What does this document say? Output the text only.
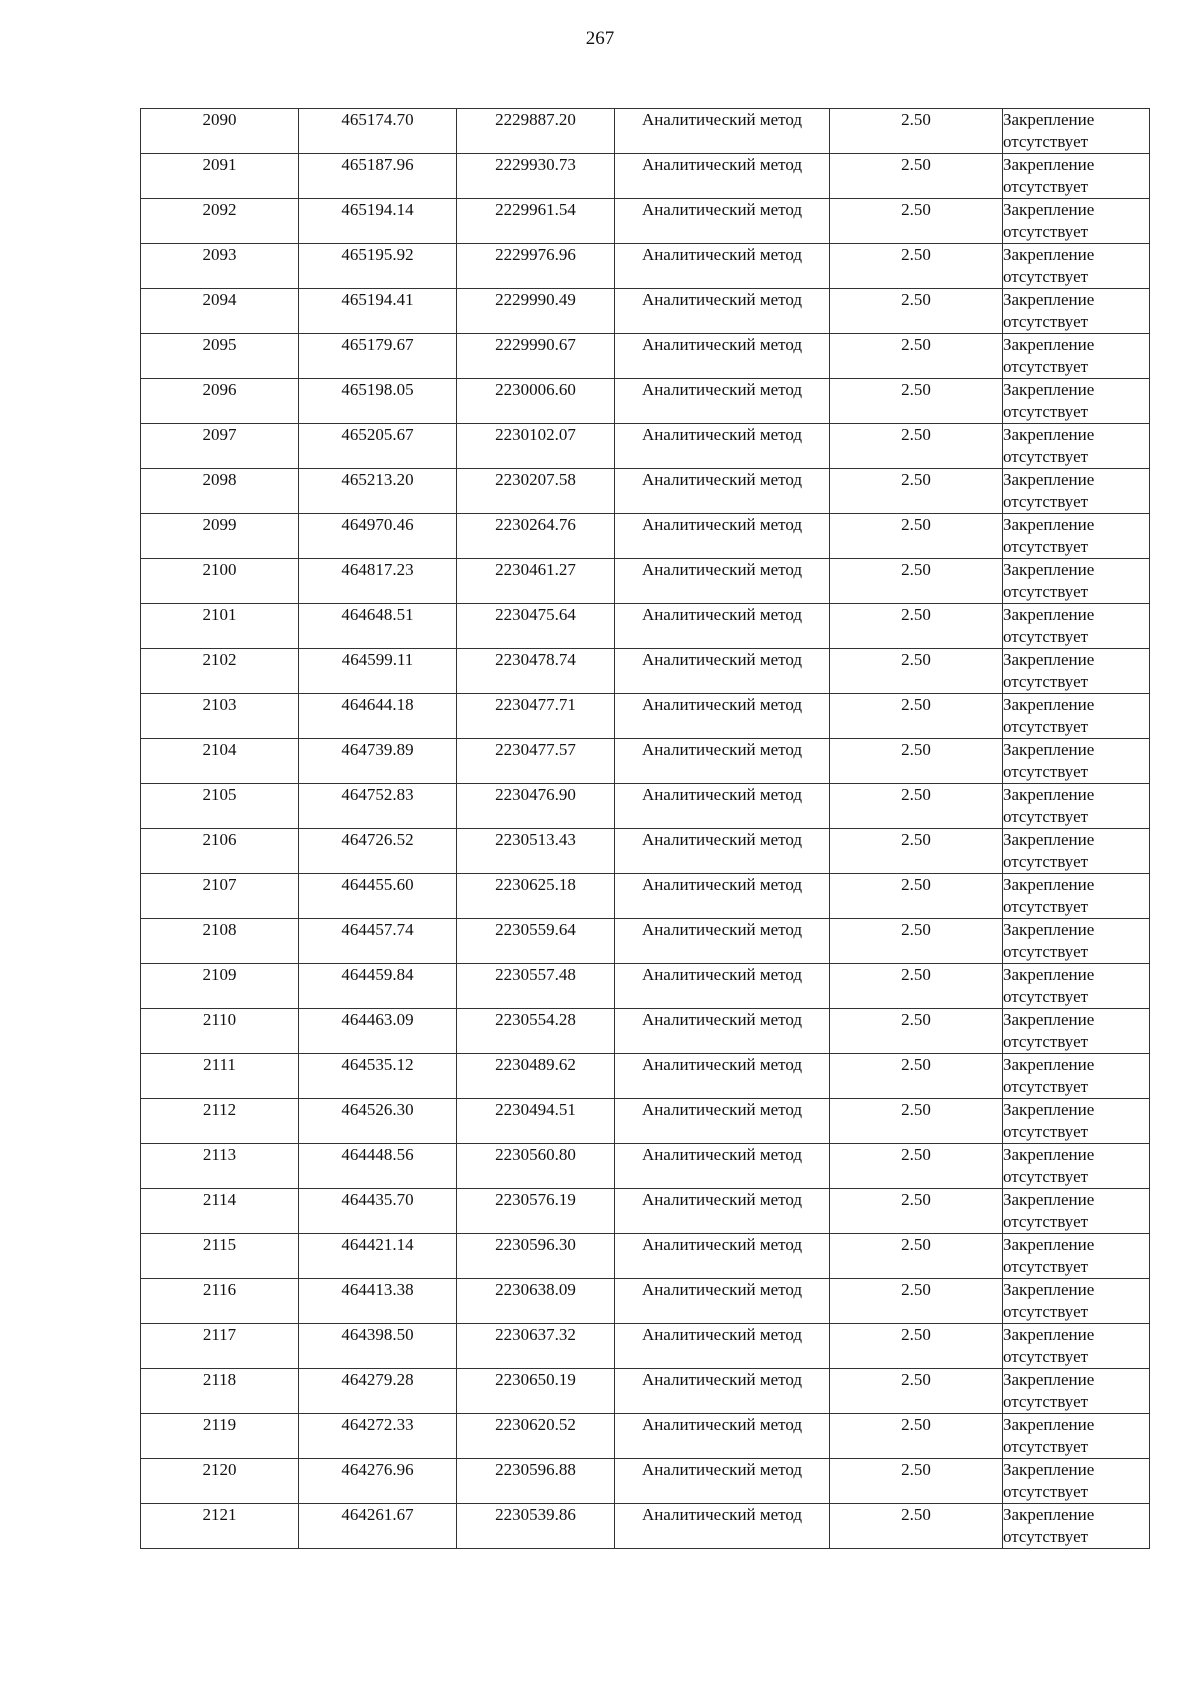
267
2090	465174.70	2229887.20	Аналитический метод	2.50	Закрепление отсутствует
2091	465187.96	2229930.73	Аналитический метод	2.50	Закрепление отсутствует
2092	465194.14	2229961.54	Аналитический метод	2.50	Закрепление отсутствует
2093	465195.92	2229976.96	Аналитический метод	2.50	Закрепление отсутствует
2094	465194.41	2229990.49	Аналитический метод	2.50	Закрепление отсутствует
2095	465179.67	2229990.67	Аналитический метод	2.50	Закрепление отсутствует
2096	465198.05	2230006.60	Аналитический метод	2.50	Закрепление отсутствует
2097	465205.67	2230102.07	Аналитический метод	2.50	Закрепление отсутствует
2098	465213.20	2230207.58	Аналитический метод	2.50	Закрепление отсутствует
2099	464970.46	2230264.76	Аналитический метод	2.50	Закрепление отсутствует
2100	464817.23	2230461.27	Аналитический метод	2.50	Закрепление отсутствует
2101	464648.51	2230475.64	Аналитический метод	2.50	Закрепление отсутствует
2102	464599.11	2230478.74	Аналитический метод	2.50	Закрепление отсутствует
2103	464644.18	2230477.71	Аналитический метод	2.50	Закрепление отсутствует
2104	464739.89	2230477.57	Аналитический метод	2.50	Закрепление отсутствует
2105	464752.83	2230476.90	Аналитический метод	2.50	Закрепление отсутствует
2106	464726.52	2230513.43	Аналитический метод	2.50	Закрепление отсутствует
2107	464455.60	2230625.18	Аналитический метод	2.50	Закрепление отсутствует
2108	464457.74	2230559.64	Аналитический метод	2.50	Закрепление отсутствует
2109	464459.84	2230557.48	Аналитический метод	2.50	Закрепление отсутствует
2110	464463.09	2230554.28	Аналитический метод	2.50	Закрепление отсутствует
2111	464535.12	2230489.62	Аналитический метод	2.50	Закрепление отсутствует
2112	464526.30	2230494.51	Аналитический метод	2.50	Закрепление отсутствует
2113	464448.56	2230560.80	Аналитический метод	2.50	Закрепление отсутствует
2114	464435.70	2230576.19	Аналитический метод	2.50	Закрепление отсутствует
2115	464421.14	2230596.30	Аналитический метод	2.50	Закрепление отсутствует
2116	464413.38	2230638.09	Аналитический метод	2.50	Закрепление отсутствует
2117	464398.50	2230637.32	Аналитический метод	2.50	Закрепление отсутствует
2118	464279.28	2230650.19	Аналитический метод	2.50	Закрепление отсутствует
2119	464272.33	2230620.52	Аналитический метод	2.50	Закрепление отсутствует
2120	464276.96	2230596.88	Аналитический метод	2.50	Закрепление отсутствует
2121	464261.67	2230539.86	Аналитический метод	2.50	Закрепление отсутствует
